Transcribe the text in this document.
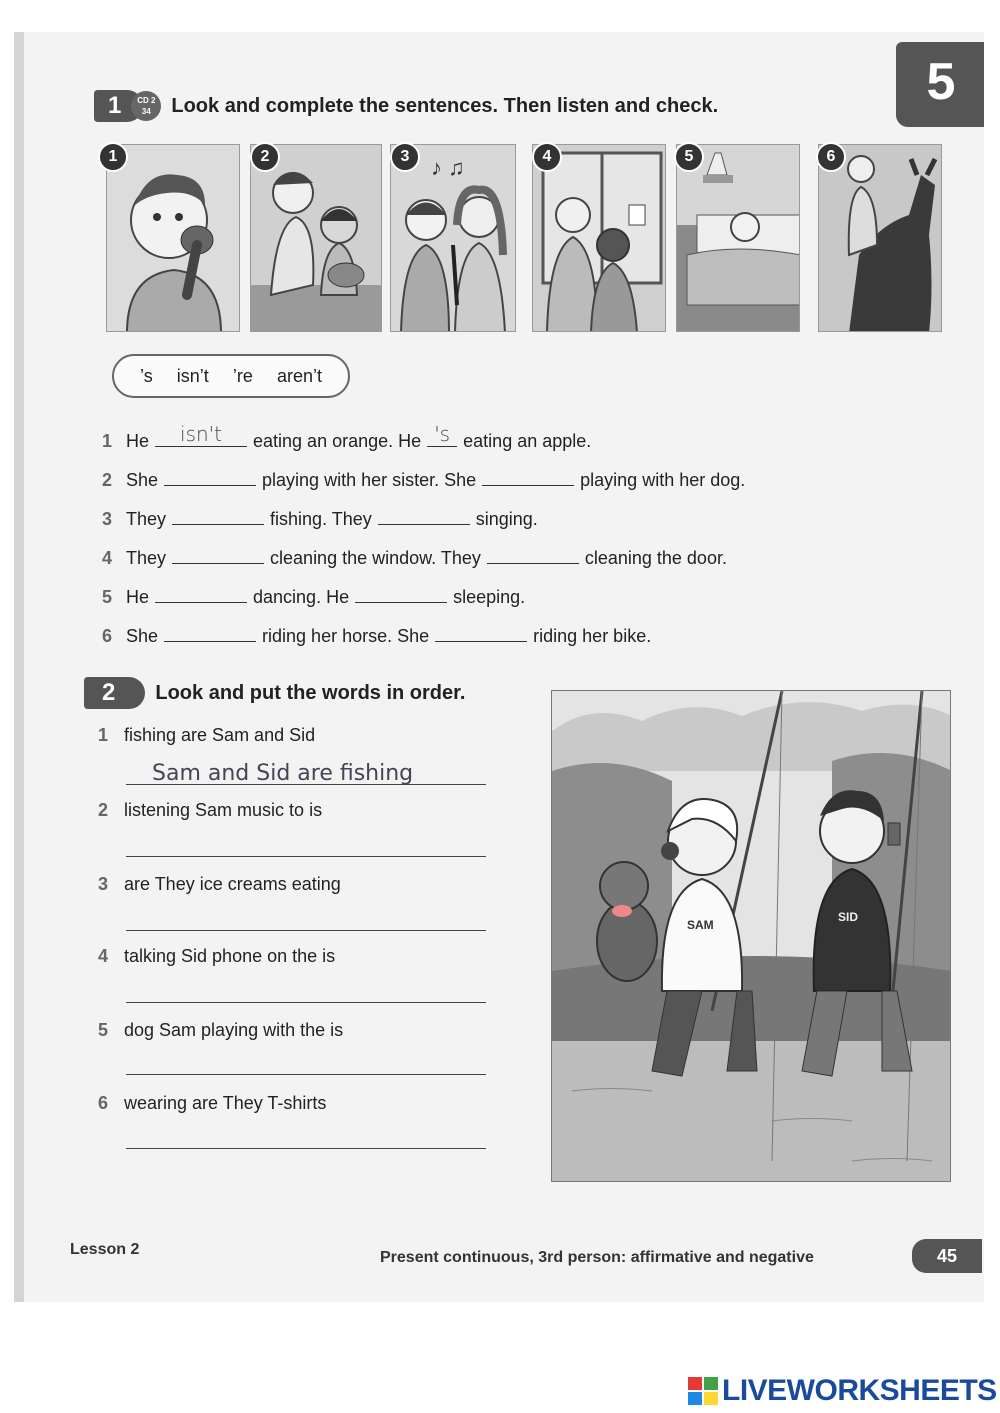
5
1	CD 2
34	Look and complete the sentences. Then listen and check.
1	2	♪ ♫
3	4	5	6
’s isn’t ’re aren’t
1 He	isn't	eating an orange. He 's eating an apple.
2 She	playing with her sister. She	playing with her dog.
3 They	fishing. They	singing.
4 They	cleaning the window. They	cleaning the door.
5 He	dancing. He	sleeping.
6 She	riding her horse. She	riding her bike.
2	Look and put the words in order.
1 fishing are Sam and Sid
Sam and Sid are fishing
2 listening Sam music to is
3 are They ice creams eating
4 talking Sid phone on the is
5 dog Sam playing with the is
6 wearing are They T-shirts
SAM
SID
Lesson 2	Present continuous, 3rd person: affirmative and negative	45
LIVEWORKSHEETS
